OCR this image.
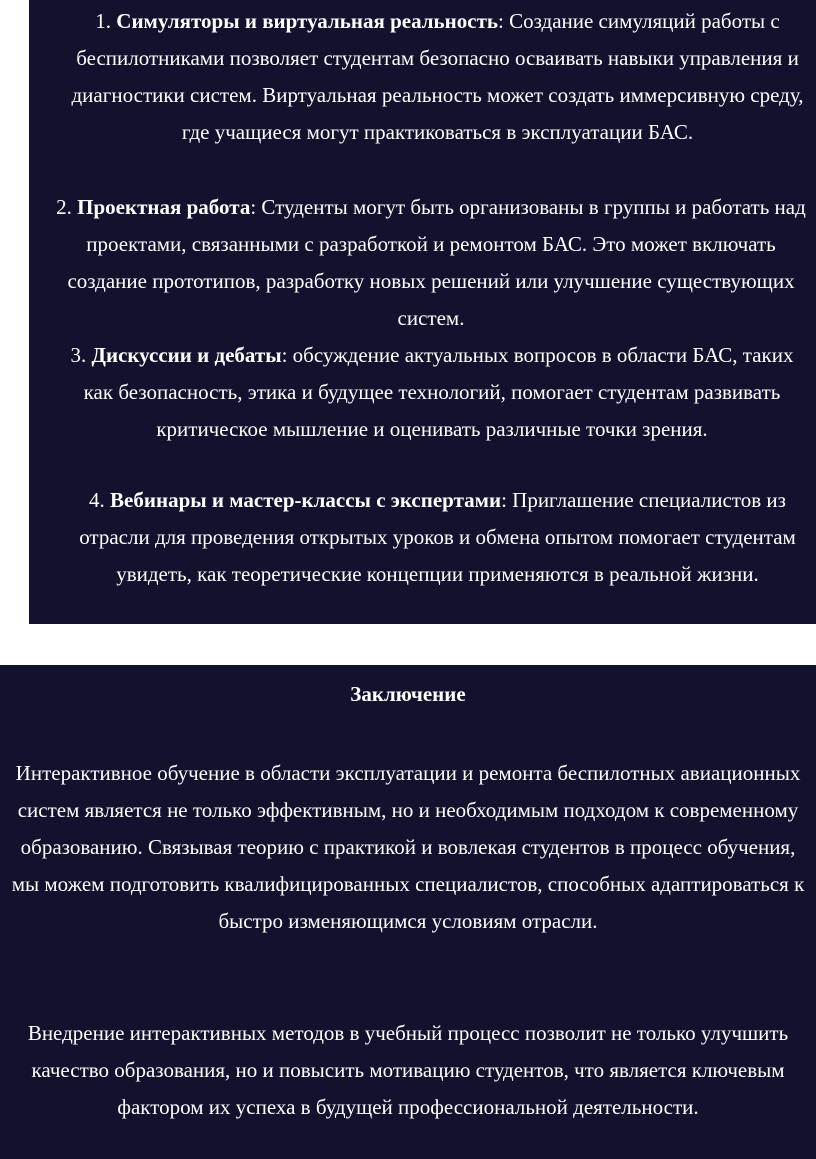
1. Симуляторы и виртуальная реальность: Создание симуляций работы с беспилотниками позволяет студентам безопасно осваивать навыки управления и диагностики систем. Виртуальная реальность может создать иммерсивную среду, где учащиеся могут практиковаться в эксплуатации БАС.
2. Проектная работа: Студенты могут быть организованы в группы и работать над проектами, связанными с разработкой и ремонтом БАС. Это может включать создание прототипов, разработку новых решений или улучшение существующих систем.
3. Дискуссии и дебаты: обсуждение актуальных вопросов в области БАС, таких как безопасность, этика и будущее технологий, помогает студентам развивать критическое мышление и оценивать различные точки зрения.
4. Вебинары и мастер-классы с экспертами: Приглашение специалистов из отрасли для проведения открытых уроков и обмена опытом помогает студентам увидеть, как теоретические концепции применяются в реальной жизни.
Заключение

Интерактивное обучение в области эксплуатации и ремонта беспилотных авиационных систем является не только эффективным, но и необходимым подходом к современному образованию. Связывая теорию с практикой и вовлекая студентов в процесс обучения, мы можем подготовить квалифицированных специалистов, способных адаптироваться к быстро изменяющимся условиям отрасли.

Внедрение интерактивных методов в учебный процесс позволит не только улучшить качество образования, но и повысить мотивацию студентов, что является ключевым фактором их успеха в будущей профессиональной деятельности.
